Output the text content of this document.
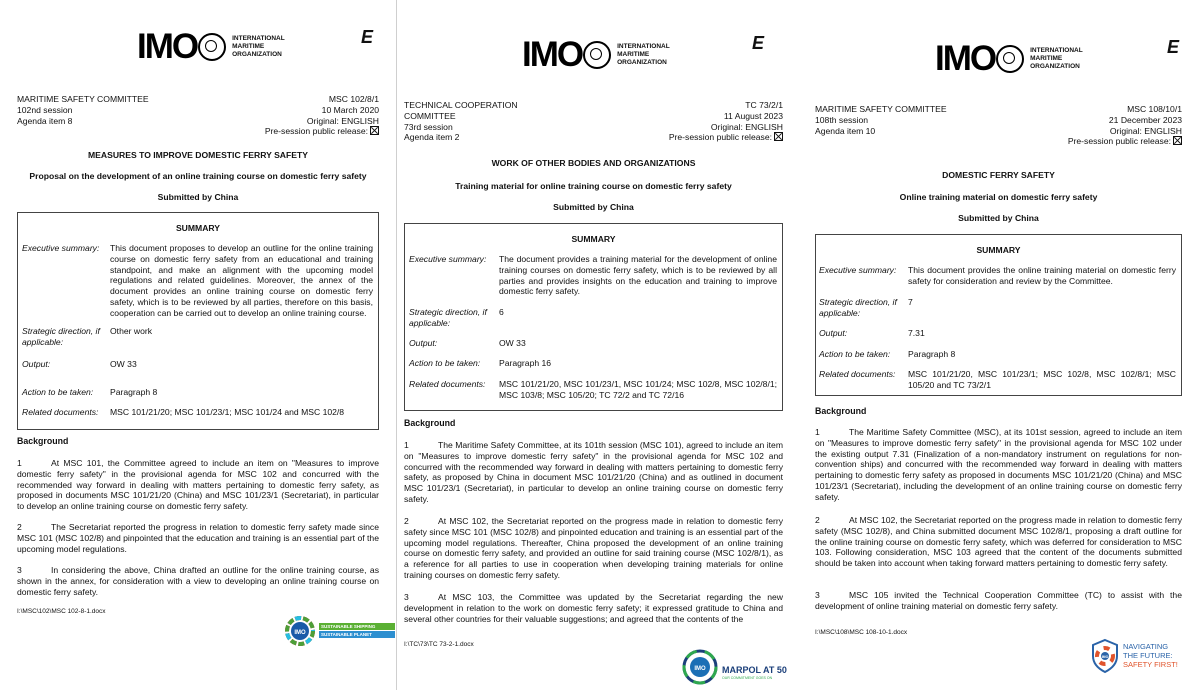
IMO	INTERNATIONAL
MARITIME
ORGANIZATION
E
MARITIME SAFETY COMMITTEE
102nd session
Agenda item 8
MSC 102/8/1
10 March 2020
Original: ENGLISH
Pre-session public release:
MEASURES TO IMPROVE DOMESTIC FERRY SAFETY
Proposal on the development of an online training course on domestic ferry safety
Submitted by China
SUMMARY
Executive summary:	This document proposes to develop an outline for the online training course on domestic ferry safety from an educational and training standpoint, and make an alignment with the upcoming model regulations and related guidelines. Moreover, the annex of the document provides an online training course on domestic ferry safety, which is to be reviewed by all parties, therefore on this basis, cooperation can be carried out to develop an online training course.
Strategic direction, if applicable:
Other work
Output:	OW 33
Action to be taken:	Paragraph 8
Related documents:	MSC 101/21/20; MSC 101/23/1; MSC 101/24 and MSC 102/8
Background
1	At MSC 101, the Committee agreed to include an item on "Measures to improve domestic ferry safety" in the provisional agenda for MSC 102 and concurred with the recommended way forward in dealing with matters pertaining to domestic ferry safety, as proposed in documents MSC 101/21/20 (China) and MSC 101/23/1 (Secretariat), in particular to develop an online training course on domestic ferry safety.
2	The Secretariat reported the progress in relation to domestic ferry safety made since MSC 101 (MSC 102/8) and pinpointed that the education and training is an essential part of the upcoming model regulations.
3	In considering the above, China drafted an outline for the online training course, as shown in the annex, for consideration with a view to developing an online training course on domestic ferry safety.
I:\MSC\102\MSC 102-8-1.docx
IMO
SUSTAINABLE SHIPPING
SUSTAINABLE PLANET
IMO	INTERNATIONAL
MARITIME
ORGANIZATION
E
TECHNICAL COOPERATION
COMMITTEE
73rd session
Agenda item 2
TC 73/2/1
11 August 2023
Original: ENGLISH
Pre-session public release:
WORK OF OTHER BODIES AND ORGANIZATIONS
Training material for online training course on domestic ferry safety
Submitted by China
SUMMARY
Executive summary:	The document provides a training material for the development of online training courses on domestic ferry safety, which is to be reviewed by all parties and provides insights on the education and training to improve domestic ferry safety.
Strategic direction, if applicable:
6
Output:	OW 33
Action to be taken:	Paragraph 16
Related documents:	MSC 101/21/20, MSC 101/23/1, MSC 101/24; MSC 102/8, MSC 102/8/1; MSC 103/8; MSC 105/20; TC 72/2 and TC 72/16
Background
1	The Maritime Safety Committee, at its 101th session (MSC 101), agreed to include an item on "Measures to improve domestic ferry safety" in the provisional agenda for MSC 102 and concurred with the recommended way forward in dealing with matters pertaining to domestic ferry safety, as proposed by China in document MSC 101/21/20 (China) and as outlined in document MSC 101/23/1 (Secretariat), in particular to develop an online training course on domestic ferry safety.
2	At MSC 102, the Secretariat reported on the progress made in relation to domestic ferry safety since MSC 101 (MSC 102/8) and pinpointed education and training is an essential part of the upcoming model regulations. Thereafter, China proposed the development of an online training course on domestic ferry safety, and provided an outline for said training course (MSC 102/8/1), as a reference for all parties to use in cooperation when developing training materials for online training courses on domestic ferry safety.
3	At MSC 103, the Committee was updated by the Secretariat regarding the new development in relation to the work on domestic ferry safety; it expressed gratitude to China and several other countries for their valuable suggestions; and agreed that the contents of the
I:\TC\73\TC 73-2-1.docx
IMO MARPOL AT 50
OUR COMMITMENT GOES ON
IMO	INTERNATIONAL
MARITIME
ORGANIZATION
E
MARITIME SAFETY COMMITTEE
108th session
Agenda item 10
MSC 108/10/1
21 December 2023
Original: ENGLISH
Pre-session public release:
DOMESTIC FERRY SAFETY
Online training material on domestic ferry safety
Submitted by China
SUMMARY
Executive summary:	This document provides the online training material on domestic ferry safety for consideration and review by the Committee.
Strategic direction, if applicable:
7
Output:	7.31
Action to be taken:	Paragraph 8
Related documents:	MSC 101/21/20, MSC 101/23/1; MSC 102/8, MSC 102/8/1; MSC 105/20 and TC 73/2/1
Background
1	The Maritime Safety Committee (MSC), at its 101st session, agreed to include an item on "Measures to improve domestic ferry safety" in the provisional agenda for MSC 102 under the existing output 7.31 (Finalization of a non-mandatory instrument on regulations for non-convention ships) and concurred with the recommended way forward in dealing with matters pertaining to domestic ferry safety as proposed in documents MSC 101/21/20 (China) and MSC 101/23/1 (Secretariat), including the development of an online training course on domestic ferry safety.
2	At MSC 102, the Secretariat reported on the progress made in relation to domestic ferry safety (MSC 102/8), and China submitted document MSC 102/8/1, proposing a draft outline for the online training course on domestic ferry safety, which was deferred for consideration to MSC 103. Following consideration, MSC 103 agreed that the content of the documents submitted should be taken into account when taking forward matters pertaining to domestic ferry safety.
3	MSC 105 invited the Technical Cooperation Committee (TC) to assist with the development of online training material on domestic ferry safety.
I:\MSC\108\MSC 108-10-1.docx
IMO
NAVIGATING
THE FUTURE:
SAFETY FIRST!
